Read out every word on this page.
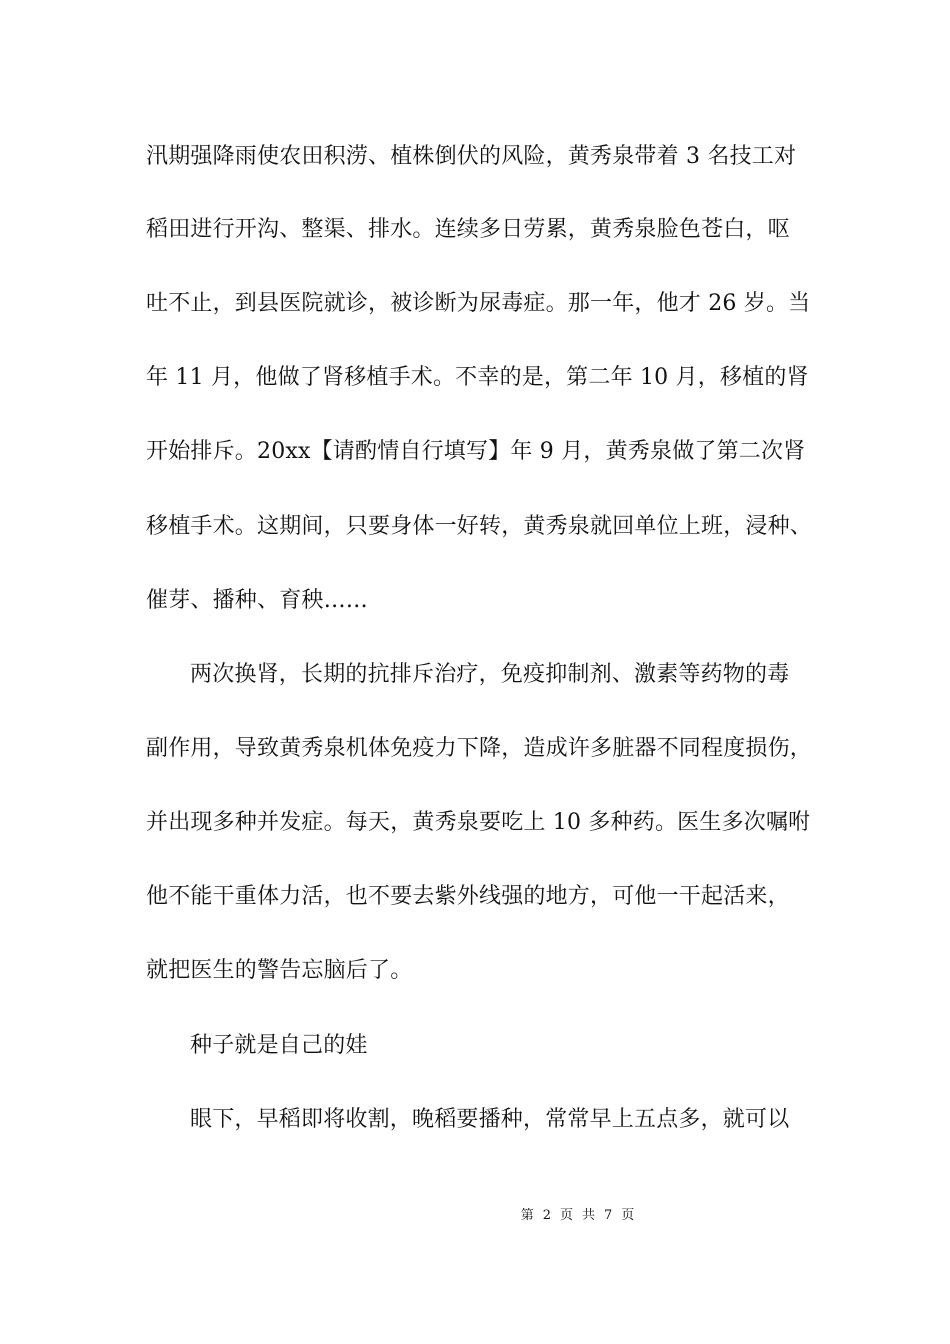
汛期强降雨使农田积涝、植株倒伏的风险，黄秀泉带着 3 名技工对
稻田进行开沟、整渠、排水。连续多日劳累，黄秀泉脸色苍白，呕
吐不止，到县医院就诊，被诊断为尿毒症。那一年，他才 26 岁。当
年 11 月，他做了肾移植手术。不幸的是，第二年 10 月，移植的肾
开始排斥。20xx【请酌情自行填写】年 9 月，黄秀泉做了第二次肾
移植手术。这期间，只要身体一好转，黄秀泉就回单位上班，浸种、
催芽、播种、育秧……
两次换肾，长期的抗排斥治疗，免疫抑制剂、激素等药物的毒
副作用，导致黄秀泉机体免疫力下降，造成许多脏器不同程度损伤，
并出现多种并发症。每天，黄秀泉要吃上 10 多种药。医生多次嘱咐
他不能干重体力活，也不要去紫外线强的地方，可他一干起活来，
就把医生的警告忘脑后了。
种子就是自己的娃
眼下，早稻即将收割，晚稻要播种，常常早上五点多，就可以
第 2 页 共 7 页
